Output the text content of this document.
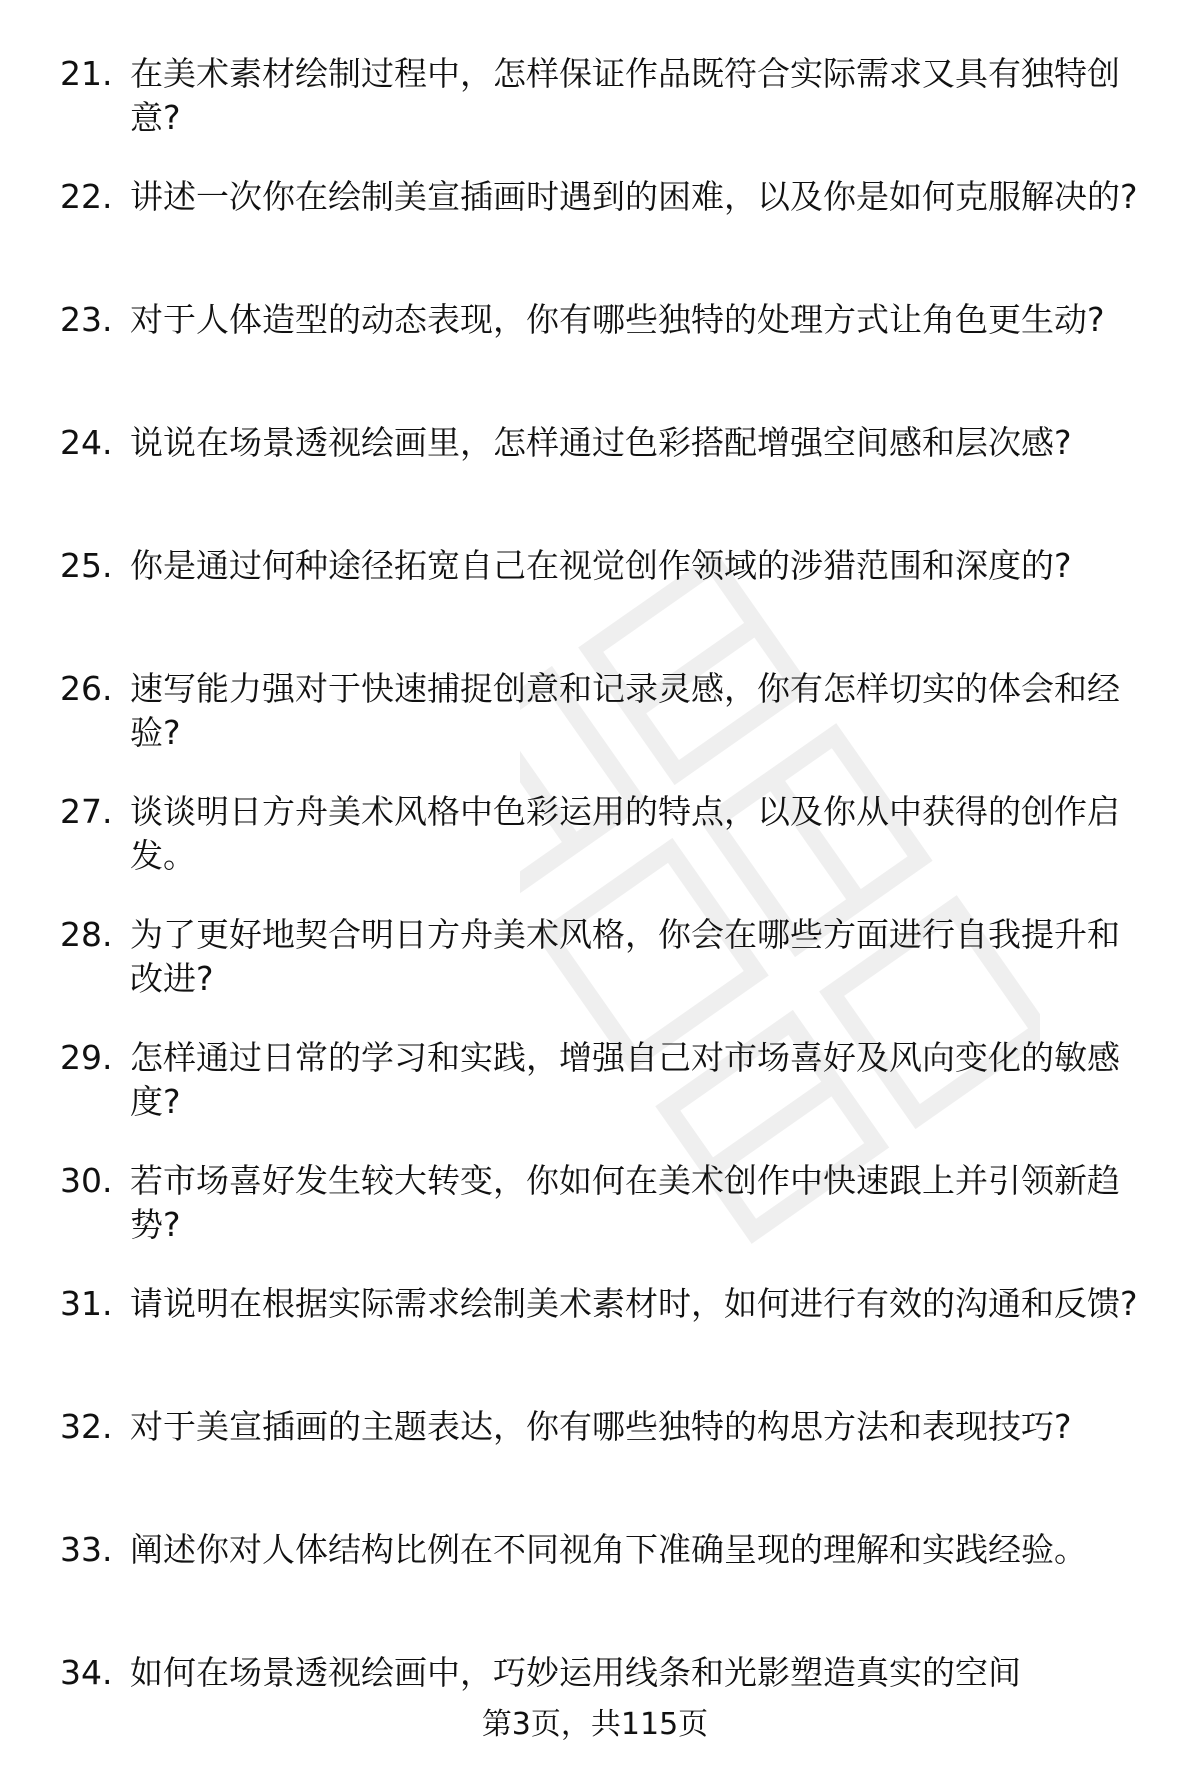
21. 在美术素材绘制过程中，怎样保证作品既符合实际需求又具有独特创意?
22. 讲述一次你在绘制美宣插画时遇到的困难，以及你是如何克服解决的?
23. 对于人体造型的动态表现，你有哪些独特的处理方式让角色更生动?
24. 说说在场景透视绘画里，怎样通过色彩搭配增强空间感和层次感?
25. 你是通过何种途径拓宽自己在视觉创作领域的涉猎范围和深度的?
26. 速写能力强对于快速捕捉创意和记录灵感，你有怎样切实的体会和经验?
27. 谈谈明日方舟美术风格中色彩运用的特点，以及你从中获得的创作启发。
28. 为了更好地契合明日方舟美术风格，你会在哪些方面进行自我提升和改进?
29. 怎样通过日常的学习和实践，增强自己对市场喜好及风向变化的敏感度?
30. 若市场喜好发生较大转变，你如何在美术创作中快速跟上并引领新趋势?
31. 请说明在根据实际需求绘制美术素材时，如何进行有效的沟通和反馈?
32. 对于美宣插画的主题表达，你有哪些独特的构思方法和表现技巧?
33. 阐述你对人体结构比例在不同视角下准确呈现的理解和实践经验。
34. 如何在场景透视绘画中，巧妙运用线条和光影塑造真实的空间
第3页，共115页
